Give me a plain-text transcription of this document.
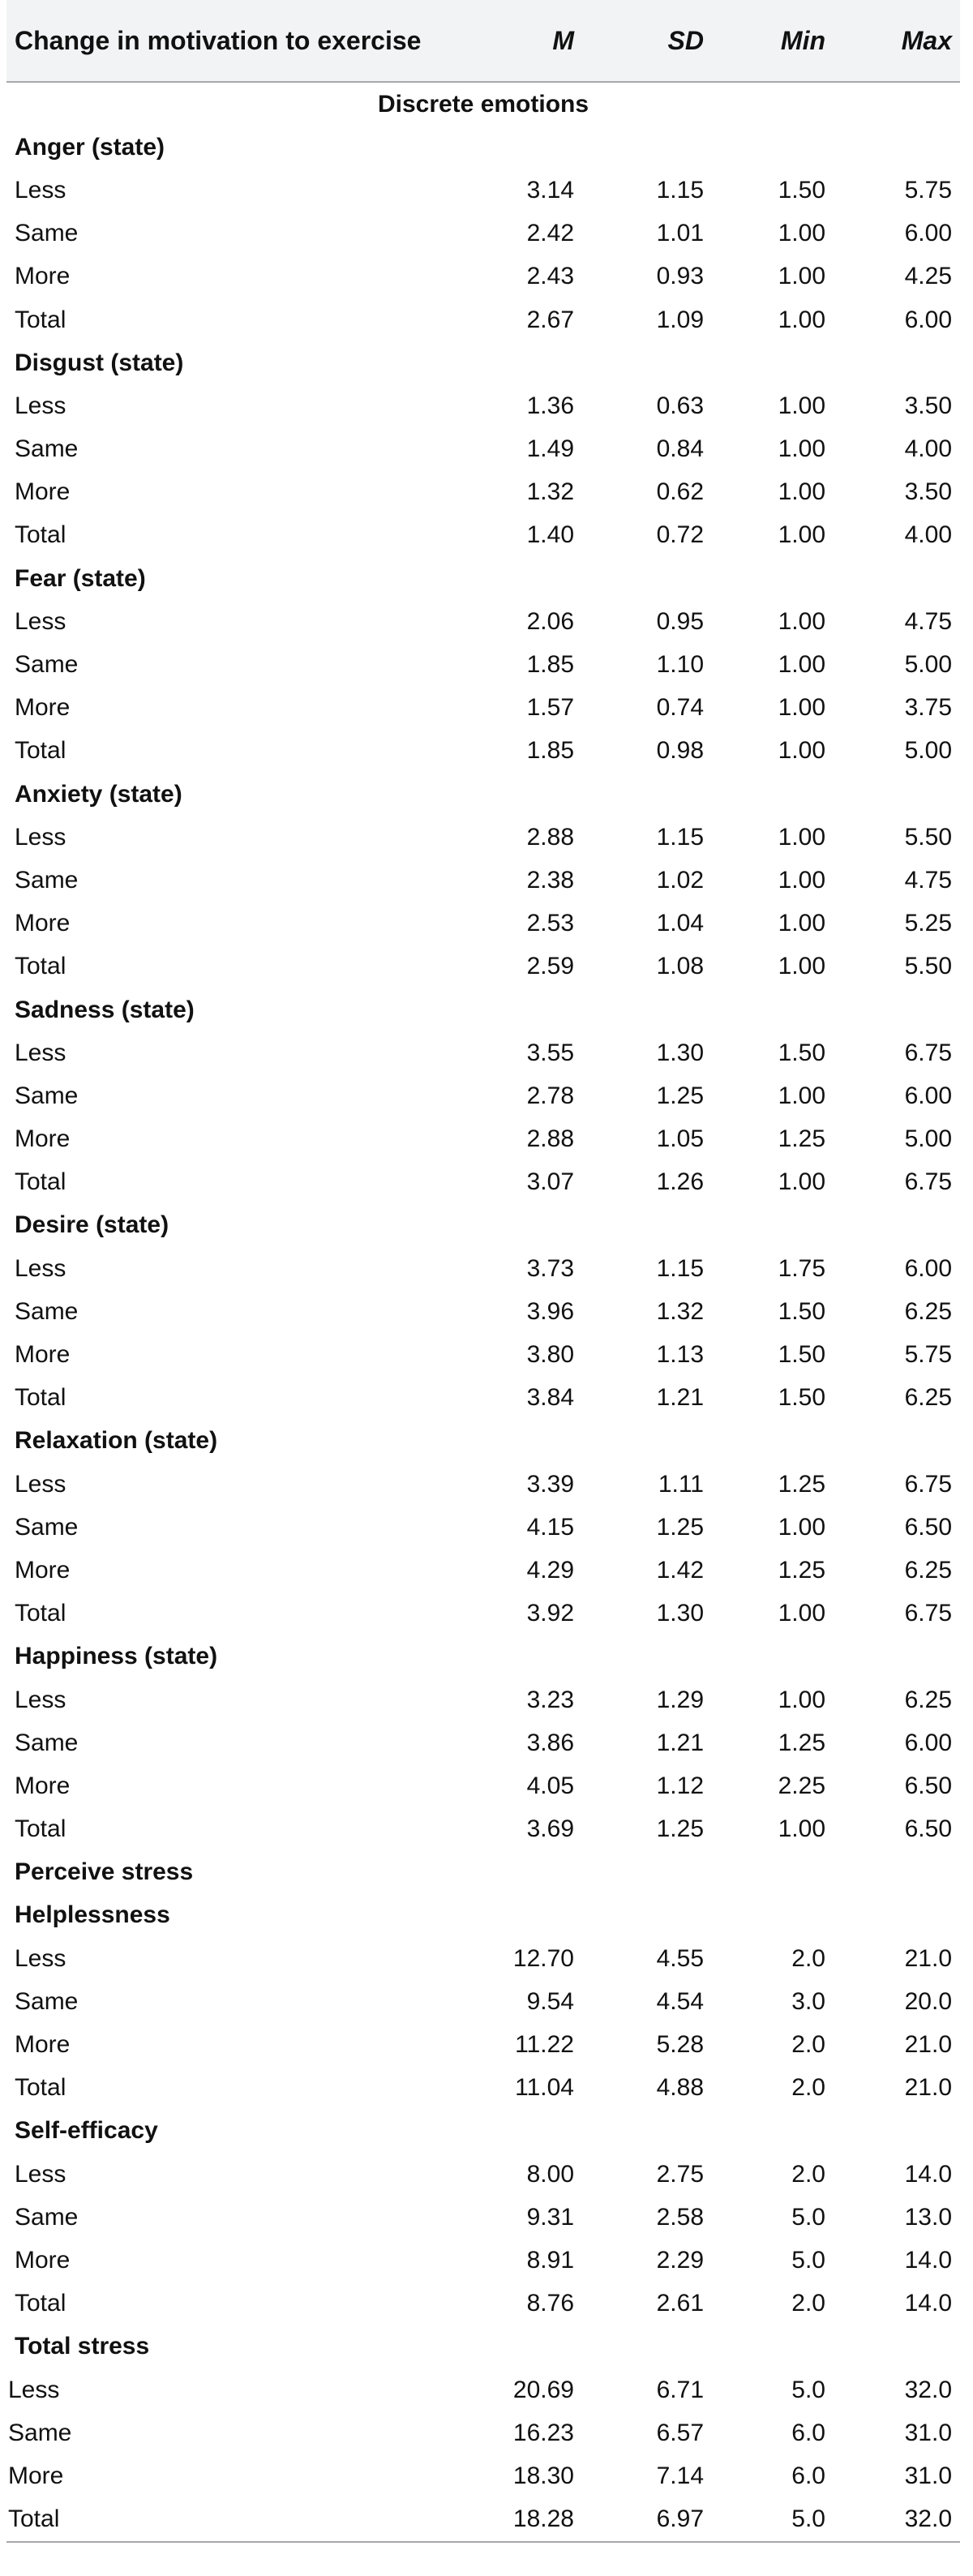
Change in motivation to exercise	M	SD	Min	Max
Discrete emotions				
Anger (state)				
Less	3.14	1.15	1.50	5.75
Same	2.42	1.01	1.00	6.00
More	2.43	0.93	1.00	4.25
Total	2.67	1.09	1.00	6.00
Disgust (state)				
Less	1.36	0.63	1.00	3.50
Same	1.49	0.84	1.00	4.00
More	1.32	0.62	1.00	3.50
Total	1.40	0.72	1.00	4.00
Fear (state)				
Less	2.06	0.95	1.00	4.75
Same	1.85	1.10	1.00	5.00
More	1.57	0.74	1.00	3.75
Total	1.85	0.98	1.00	5.00
Anxiety (state)				
Less	2.88	1.15	1.00	5.50
Same	2.38	1.02	1.00	4.75
More	2.53	1.04	1.00	5.25
Total	2.59	1.08	1.00	5.50
Sadness (state)				
Less	3.55	1.30	1.50	6.75
Same	2.78	1.25	1.00	6.00
More	2.88	1.05	1.25	5.00
Total	3.07	1.26	1.00	6.75
Desire (state)				
Less	3.73	1.15	1.75	6.00
Same	3.96	1.32	1.50	6.25
More	3.80	1.13	1.50	5.75
Total	3.84	1.21	1.50	6.25
Relaxation (state)				
Less	3.39	1.11	1.25	6.75
Same	4.15	1.25	1.00	6.50
More	4.29	1.42	1.25	6.25
Total	3.92	1.30	1.00	6.75
Happiness (state)				
Less	3.23	1.29	1.00	6.25
Same	3.86	1.21	1.25	6.00
More	4.05	1.12	2.25	6.50
Total	3.69	1.25	1.00	6.50
Perceive stress				
Helplessness				
Less	12.70	4.55	2.0	21.0
Same	9.54	4.54	3.0	20.0
More	11.22	5.28	2.0	21.0
Total	11.04	4.88	2.0	21.0
Self-efficacy				
Less	8.00	2.75	2.0	14.0
Same	9.31	2.58	5.0	13.0
More	8.91	2.29	5.0	14.0
Total	8.76	2.61	2.0	14.0
Total stress				
Less	20.69	6.71	5.0	32.0
Same	16.23	6.57	6.0	31.0
More	18.30	7.14	6.0	31.0
Total	18.28	6.97	5.0	32.0
